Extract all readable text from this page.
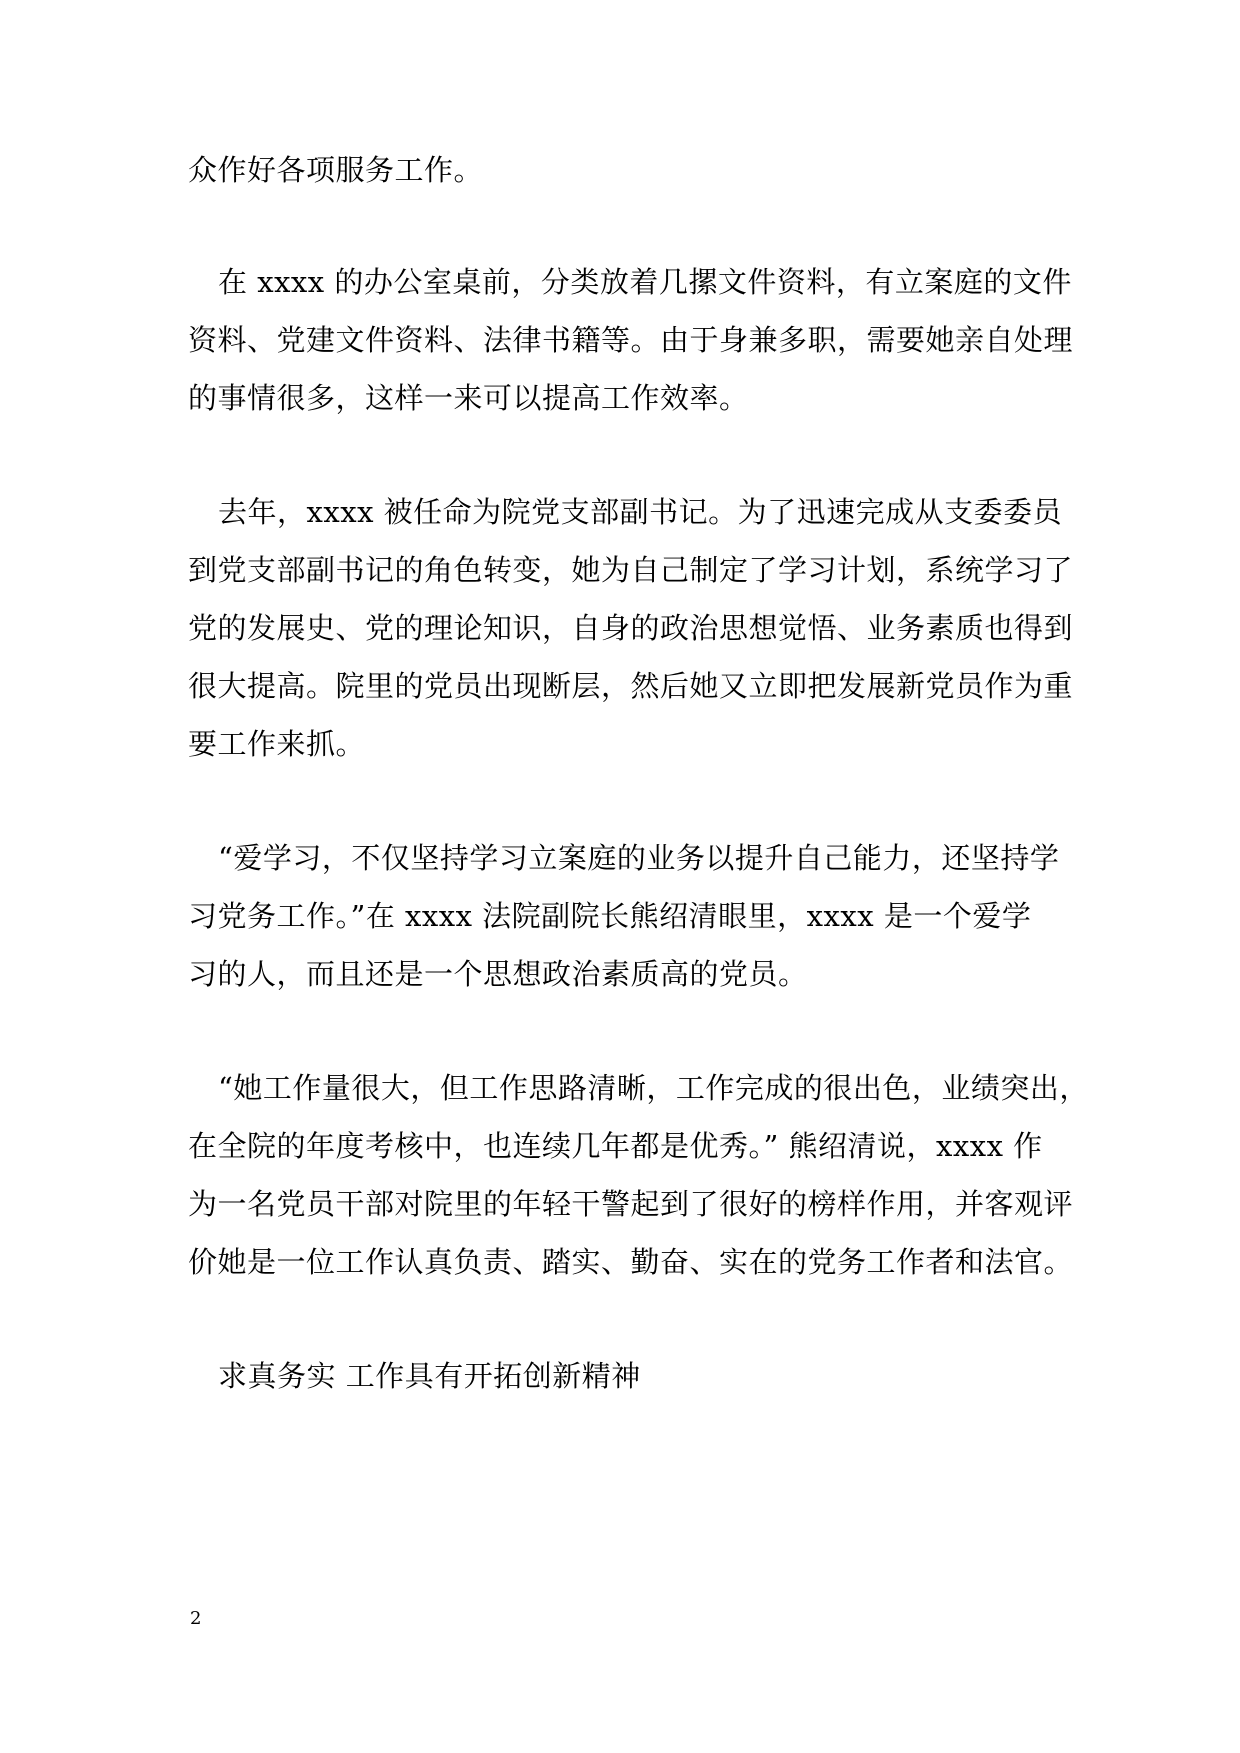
众作好各项服务工作。
在 xxxx 的办公室桌前，分类放着几摞文件资料，有立案庭的文件
资料、党建文件资料、法律书籍等。由于身兼多职，需要她亲自处理
的事情很多，这样一来可以提高工作效率。
去年，xxxx 被任命为院党支部副书记。为了迅速完成从支委委员
到党支部副书记的角色转变，她为自己制定了学习计划，系统学习了
党的发展史、党的理论知识，自身的政治思想觉悟、业务素质也得到
很大提高。院里的党员出现断层，然后她又立即把发展新党员作为重
要工作来抓。
“爱学习，不仅坚持学习立案庭的业务以提升自己能力，还坚持学
习党务工作。”在 xxxx 法院副院长熊绍清眼里，xxxx 是一个爱学
习的人，而且还是一个思想政治素质高的党员。
“她工作量很大，但工作思路清晰，工作完成的很出色，业绩突出，
在全院的年度考核中，也连续几年都是优秀。” 熊绍清说，xxxx 作
为一名党员干部对院里的年轻干警起到了很好的榜样作用，并客观评
价她是一位工作认真负责、踏实、勤奋、实在的党务工作者和法官。
求真务实 工作具有开拓创新精神
2
